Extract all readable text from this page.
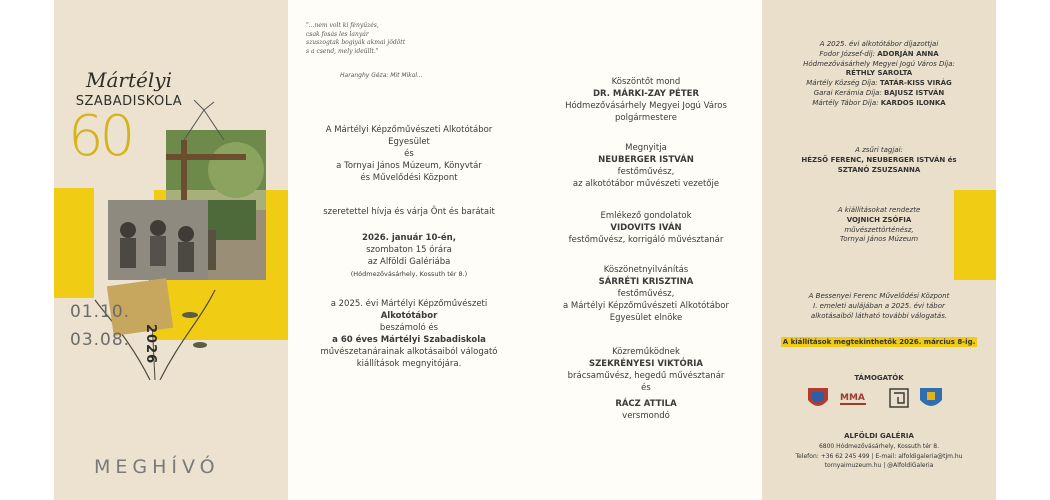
Mártélyi
SZABADISKOLA
60
01.10.
03.08. 2026
MEGHÍVÓ
"...nem volt ki fényüzés,
csak fosás les lanyár
szuszogtak bogiyák akmai jödött
s a csend, mely ideüllt."
Haranghy Géza: Mit Mikol...
A Mártélyi Képzőművészeti Alkotótábor
Egyesület
és
a Tornyai János Múzeum, Könyvtár
és Művelődési Központ
szeretettel hívja és várja Önt és barátait
2026. január 10-én,
szombaton 15 órára
az Alföldi Galériába
(Hódmezővásárhely, Kossuth tér 8.)
a 2025. évi Mártélyi Képzőművészeti
Alkotótábor
beszámoló és
a 60 éves Mártélyi Szabadiskola
művészetanárainak alkotásaiból válogató
kiállítások megnyitójára.
Köszöntőt mond
DR. MÁRKI-ZAY PÉTER
Hódmezővásárhely Megyei Jogú Város
polgármestere
Megnyitja
NEUBERGER ISTVÁN
festőművész,
az alkotótábor művészeti vezetője
Emlékező gondolatok
VIDOVITS IVÁN
festőművész, korrigáló művésztanár
Köszönetnyilvánítás
SÁRRÉTI KRISZTINA
festőművész,
a Mártélyi Képzőművészeti Alkotótábor
Egyesület elnöke
Közreműködnek
SZEKRÉNYESI VIKTÓRIA
brácsaművész, hegedű művésztanár
és
RÁCZ ATTILA
versmondó
A 2025. évi alkotótábor díjazottjai
Fodor József-díj: ADORJÁN ANNA
Hódmezővásárhely Megyei Jogú Város Díja:
RÉTHLY SAROLTA
Mártély Község Díja: TATÁR-KISS VIRÁG
Garai Kerámia Díja: BAJUSZ ISTVÁN
Mártély Tábor Díja: KARDOS ILONKA
A zsűri tagjai:
HÉZSŐ FERENC, NEUBERGER ISTVÁN és
SZTANÓ ZSUZSANNA
A kiállításokat rendezte
VOJNICH ZSÓFIA
művészettörténész,
Tornyai János Múzeum
A Bessenyei Ferenc Művelődési Központ
I. emeleti aulájában a 2025. évi tábor
alkotásaiból látható további válogatás.
A kiállítások megtekinthetők 2026. március 8-ig.
TÁMOGATÓK
MMA
ALFÖLDI GALÉRIA
6800 Hódmezővásárhely, Kossuth tér 8.
Telefon: +36 62 245 499 | E-mail: alfoldigaleria@tjm.hu
tornyaimuzeum.hu | @AlfoldiGaleria
